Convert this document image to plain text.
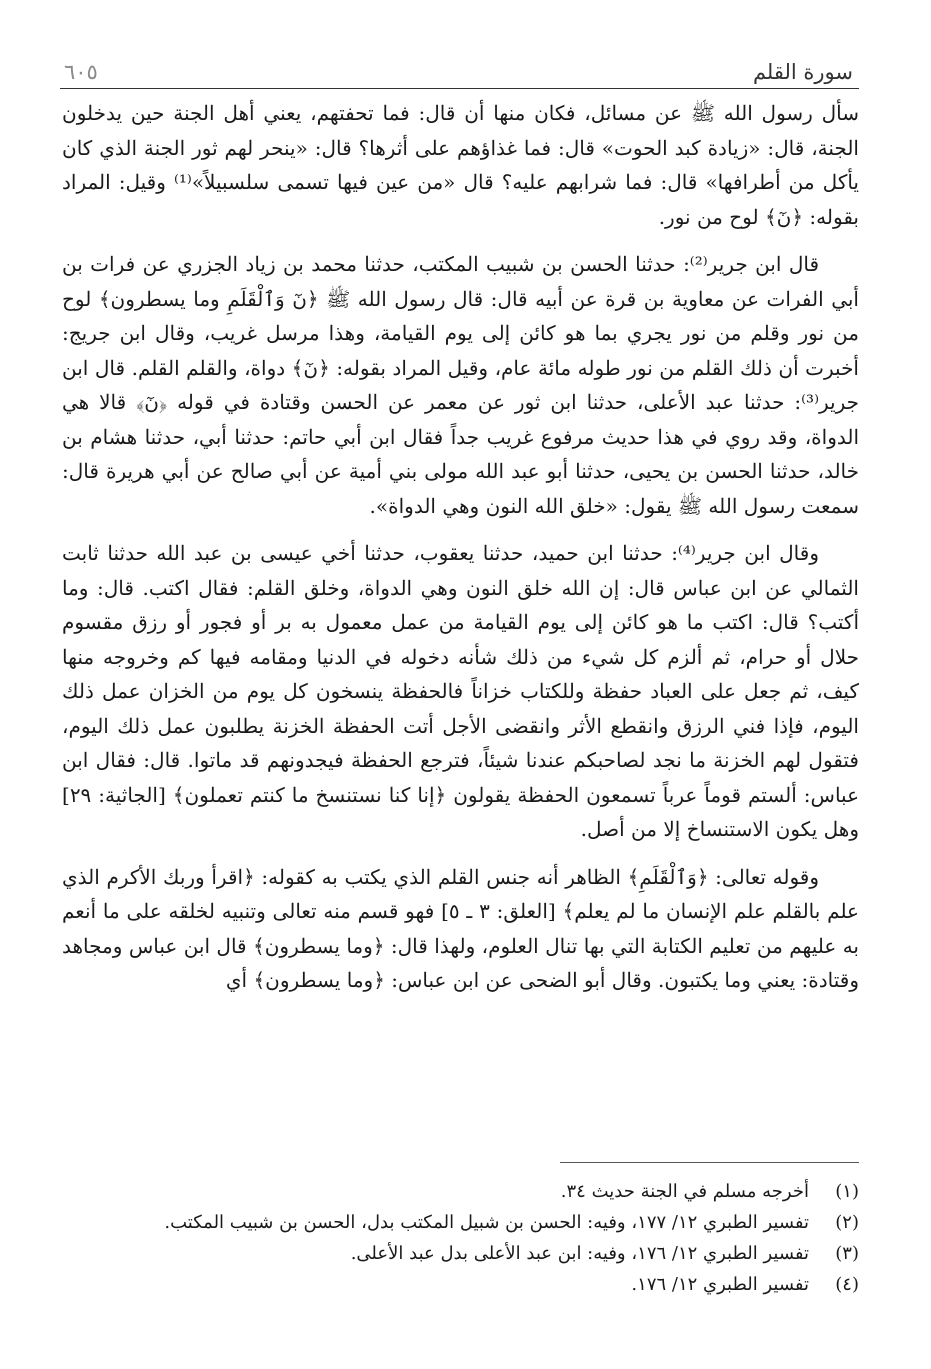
٦٠٥	سورة القلم

سأل رسول الله ﷺ عن مسائل، فكان منها أن قال: فما تحفتهم، يعني أهل الجنة حين يدخلون الجنة، قال: «زيادة كبد الحوت» قال: فما غذاؤهم على أثرها؟ قال: «ينحر لهم ثور الجنة الذي كان يأكل من أطرافها» قال: فما شرابهم عليه؟ قال «من عين فيها تسمى سلسبيلاً»⁽¹⁾ وقيل: المراد بقوله: ﴿نٓ﴾ لوح من نور.

قال ابن جرير⁽²⁾: حدثنا الحسن بن شبيب المكتب، حدثنا محمد بن زياد الجزري عن فرات بن أبي الفرات عن معاوية بن قرة عن أبيه قال: قال رسول الله ﷺ ﴿نٓ وَٱلْقَلَمِ وما يسطرون﴾ لوح من نور وقلم من نور يجري بما هو كائن إلى يوم القيامة، وهذا مرسل غريب، وقال ابن جريج: أخبرت أن ذلك القلم من نور طوله مائة عام، وقيل المراد بقوله: ﴿نٓ﴾ دواة، والقلم القلم. قال ابن جرير⁽³⁾: حدثنا عبد الأعلى، حدثنا ابن ثور عن معمر عن الحسن وقتادة في قوله ﴿نٓ﴾ قالا هي الدواة، وقد روي في هذا حديث مرفوع غريب جداً فقال ابن أبي حاتم: حدثنا أبي، حدثنا هشام بن خالد، حدثنا الحسن بن يحيى، حدثنا أبو عبد الله مولى بني أمية عن أبي صالح عن أبي هريرة قال: سمعت رسول الله ﷺ يقول: «خلق الله النون وهي الدواة».

وقال ابن جرير⁽⁴⁾: حدثنا ابن حميد، حدثنا يعقوب، حدثنا أخي عيسى بن عبد الله حدثنا ثابت الثمالي عن ابن عباس قال: إن الله خلق النون وهي الدواة، وخلق القلم: فقال اكتب. قال: وما أكتب؟ قال: اكتب ما هو كائن إلى يوم القيامة من عمل معمول به بر أو فجور أو رزق مقسوم حلال أو حرام، ثم ألزم كل شيء من ذلك شأنه دخوله في الدنيا ومقامه فيها كم وخروجه منها كيف، ثم جعل على العباد حفظة وللكتاب خزاناً فالحفظة ينسخون كل يوم من الخزان عمل ذلك اليوم، فإذا فني الرزق وانقطع الأثر وانقضى الأجل أتت الحفظة الخزنة يطلبون عمل ذلك اليوم، فتقول لهم الخزنة ما نجد لصاحبكم عندنا شيئاً، فترجع الحفظة فيجدونهم قد ماتوا. قال: فقال ابن عباس: ألستم قوماً عرباً تسمعون الحفظة يقولون ﴿إنا كنا نستنسخ ما كنتم تعملون﴾ [الجاثية: ٢٩] وهل يكون الاستنساخ إلا من أصل.

وقوله تعالى: ﴿وَٱلْقَلَمِ﴾ الظاهر أنه جنس القلم الذي يكتب به كقوله: ﴿اقرأ وربك الأكرم الذي علم بالقلم علم الإنسان ما لم يعلم﴾ [العلق: ٣ ـ ٥] فهو قسم منه تعالى وتنبيه لخلقه على ما أنعم به عليهم من تعليم الكتابة التي بها تنال العلوم، ولهذا قال: ﴿وما يسطرون﴾ قال ابن عباس ومجاهد وقتادة: يعني وما يكتبون. وقال أبو الضحى عن ابن عباس: ﴿وما يسطرون﴾ أي

(١)
أخرجه مسلم في الجنة حديث ٣٤.
(٢)
تفسير الطبري ١٢/ ١٧٧، وفيه: الحسن بن شبيل المكتب بدل، الحسن بن شبيب المكتب.
(٣)
تفسير الطبري ١٢/ ١٧٦، وفيه: ابن عبد الأعلى بدل عبد الأعلى.
(٤)
تفسير الطبري ١٢/ ١٧٦.
